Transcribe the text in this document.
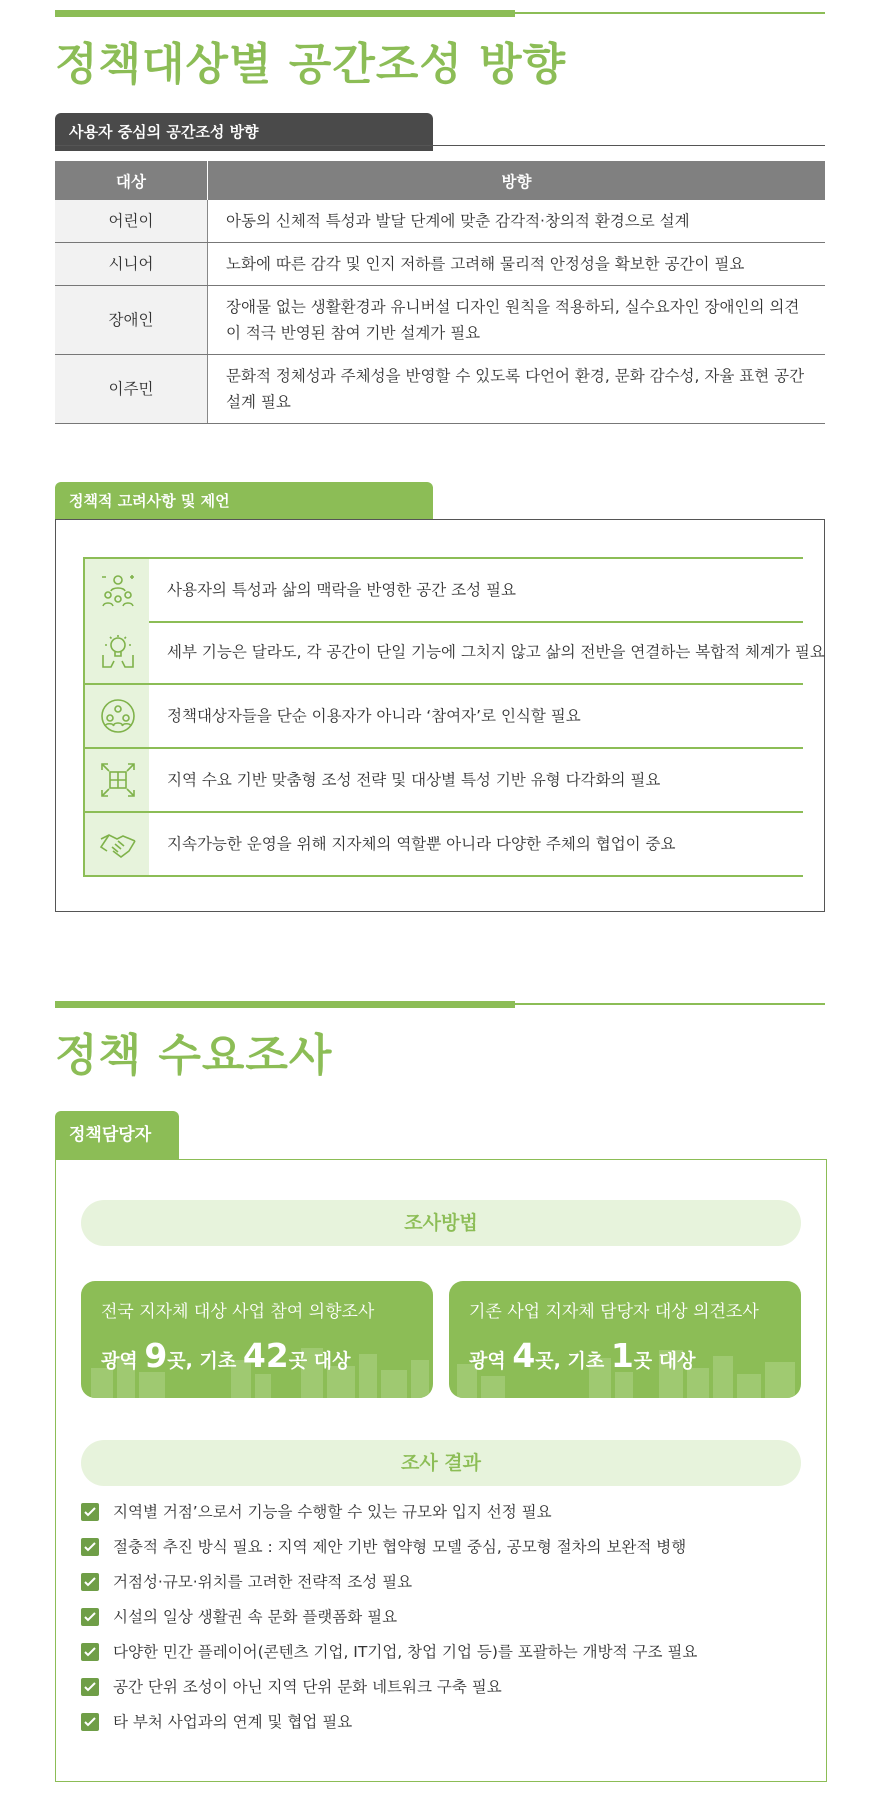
정책대상별 공간조성 방향
사용자 중심의 공간조성 방향
대상	방향
어린이	아동의 신체적 특성과 발달 단계에 맞춘 감각적·창의적 환경으로 설계
시니어	노화에 따른 감각 및 인지 저하를 고려해 물리적 안정성을 확보한 공간이 필요
장애인	장애물 없는 생활환경과 유니버설 디자인 원칙을 적용하되, 실수요자인 장애인의 의견이 적극 반영된 참여 기반 설계가 필요
이주민	문화적 정체성과 주체성을 반영할 수 있도록 다언어 환경, 문화 감수성, 자율 표현 공간 설계 필요
정책적 고려사항 및 제언
사용자의 특성과 삶의 맥락을 반영한 공간 조성 필요
세부 기능은 달라도, 각 공간이 단일 기능에 그치지 않고 삶의 전반을 연결하는 복합적 체계가 필요
정책대상자들을 단순 이용자가 아니라 ‘참여자’로 인식할 필요
지역 수요 기반 맞춤형 조성 전략 및 대상별 특성 기반 유형 다각화의 필요
지속가능한 운영을 위해 지자체의 역할뿐 아니라 다양한 주체의 협업이 중요
정책 수요조사
정책담당자
조사방법
전국 지자체 대상 사업 참여 의향조사
광역 9곳, 기초 42곳 대상
기존 사업 지자체 담당자 대상 의견조사
광역 4곳, 기초 1곳 대상
조사 결과
지역별 거점’으로서 기능을 수행할 수 있는 규모와 입지 선정 필요
절충적 추진 방식 필요 : 지역 제안 기반 협약형 모델 중심, 공모형 절차의 보완적 병행
거점성·규모·위치를 고려한 전략적 조성 필요
시설의 일상 생활권 속 문화 플랫폼화 필요
다양한 민간 플레이어(콘텐츠 기업, IT기업, 창업 기업 등)를 포괄하는 개방적 구조 필요
공간 단위 조성이 아닌 지역 단위 문화 네트워크 구축 필요
타 부처 사업과의 연계 및 협업 필요
